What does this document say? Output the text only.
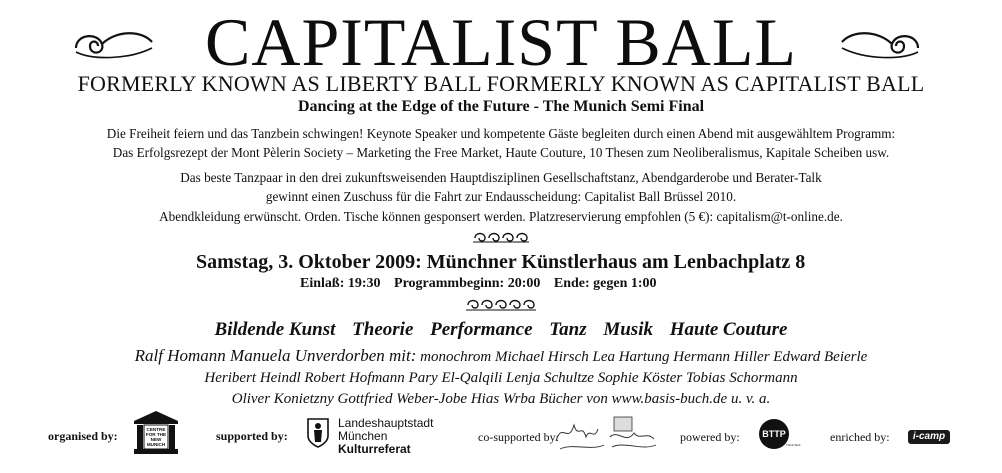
CAPITALIST BALL
FORMERLY KNOWN AS LIBERTY BALL FORMERLY KNOWN AS CAPITALIST BALL
Dancing at the Edge of the Future - The Munich Semi Final
Die Freiheit feiern und das Tanzbein schwingen! Keynote Speaker und kompetente Gäste begleiten durch einen Abend mit ausgewähltem Programm:
Das Erfolgsrezept der Mont Pèlerin Society – Marketing the Free Market, Haute Couture, 10 Thesen zum Neoliberalismus, Kapitale Scheiben usw.
Das beste Tanzpaar in den drei zukunftsweisenden Hauptdisziplinen Gesellschaftstanz, Abendgarderobe und Berater-Talk
gewinnt einen Zuschuss für die Fahrt zur Endausscheidung: Capitalist Ball Brüssel 2010.
Abendkleidung erwünscht. Orden. Tische können gesponsert werden. Platzreservierung empfohlen (5 €): capitalism@t-online.de.
Samstag, 3. Oktober 2009: Münchner Künstlerhaus am Lenbachplatz 8
Einlaß: 19:30 Programmbeginn: 20:00 Ende: gegen 1:00
Bildende Kunst Theorie Performance Tanz Musik Haute Couture
Ralf Homann Manuela Unverdorben mit: monochrom Michael Hirsch Lea Hartung Hermann Hiller Edward Beierle
Heribert Heindl Robert Hofmann Pary El-Qalqili Lenja Schultze Sophie Köster Tobias Schormann
Oliver Konietzny Gottfried Weber-Jobe Hias Wrba Bücher von www.basis-buch.de u. v. a.
organised by:	CENTRE
FOR THE
NEW
MUNICH
supported by:
Landeshauptstadt
München
Kulturreferat
co-supported by:	powered by:	BTTP
Think Tank
enriched by:	i-camp
